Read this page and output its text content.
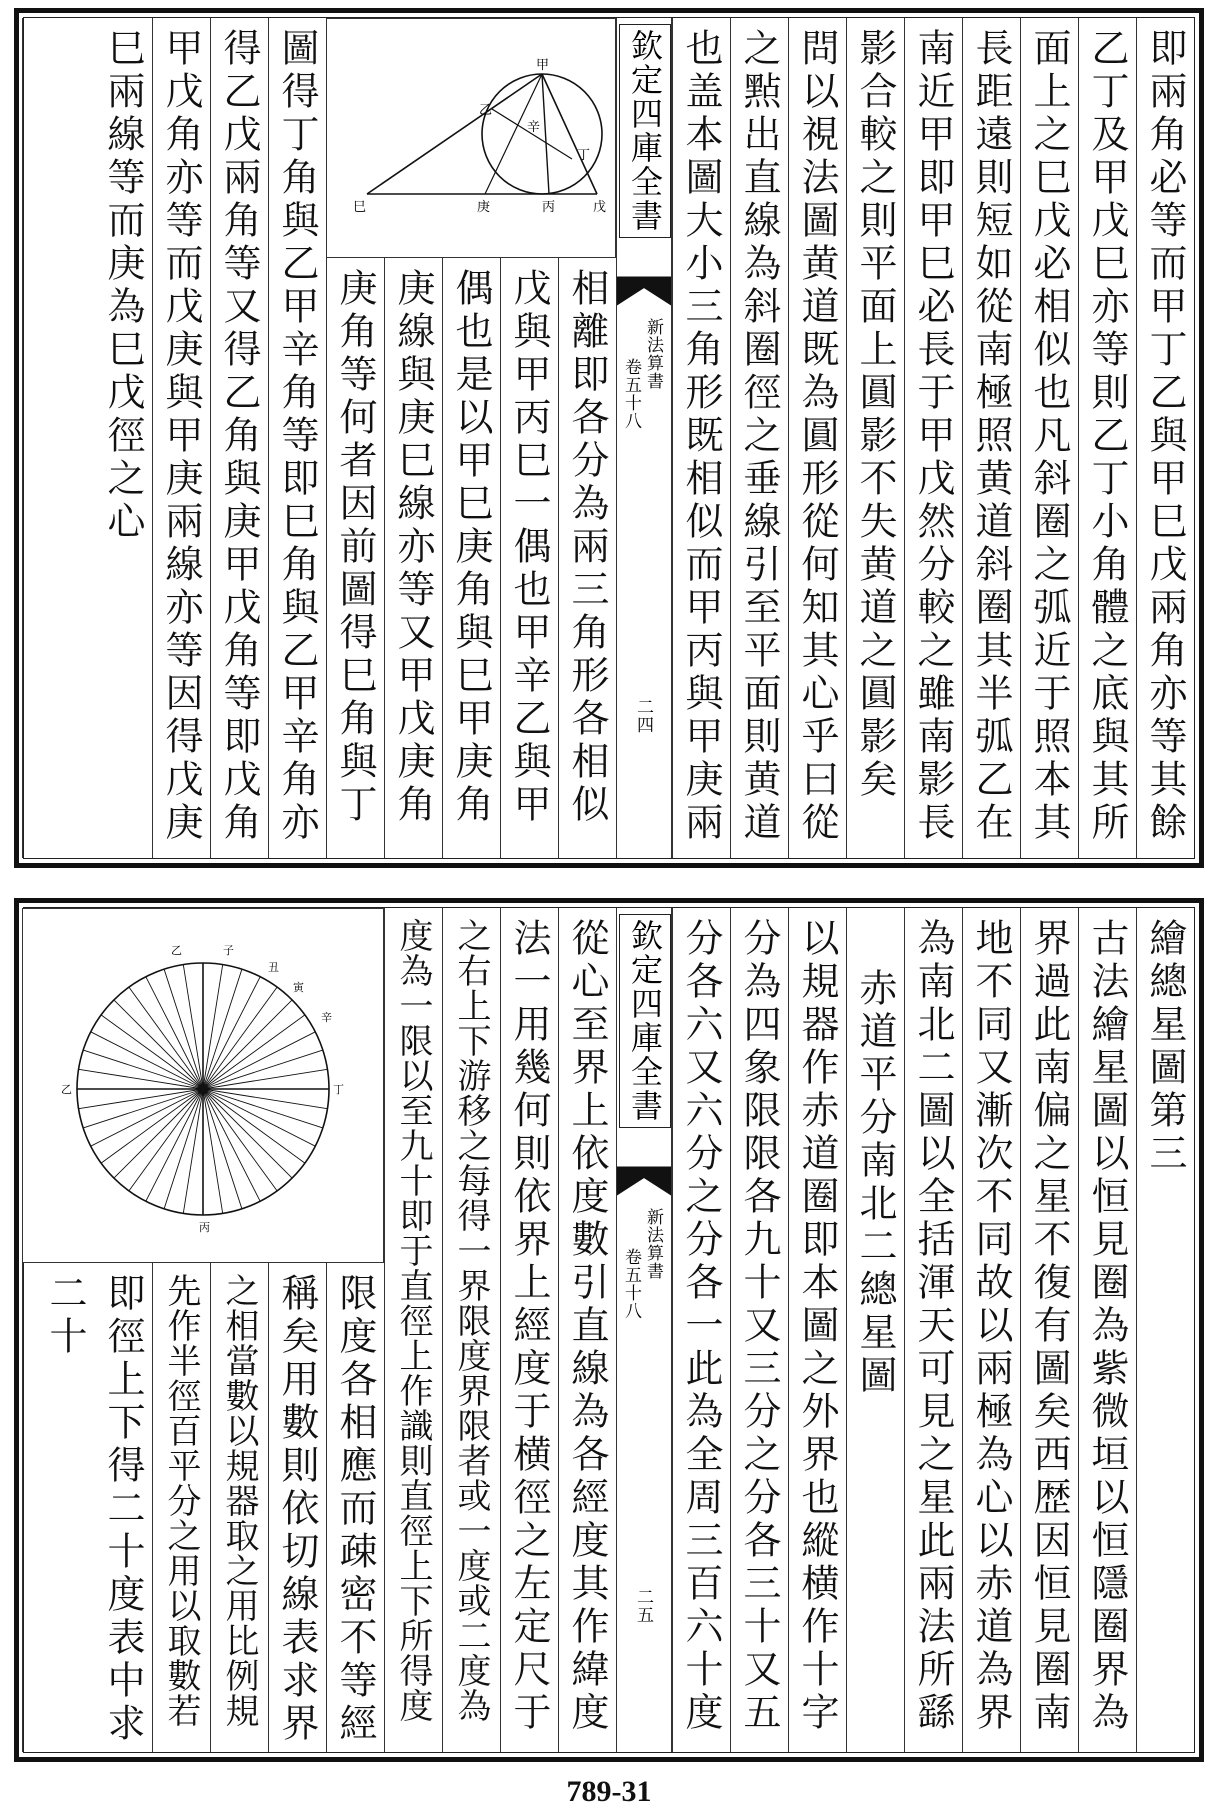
即兩角必等而甲丁乙與甲巳戊兩角亦等其餘
乙丁及甲戊巳亦等則乙丁小角體之底與其所
面上之巳戊必相似也凡斜圈之弧近于照本其
長距遠則短如從南極照黄道斜圈其半弧乙在
南近甲即甲巳必長于甲戊然分較之雖南影長
影合較之則平面上圓影不失黄道之圓影矣
問以視法圖黄道既為圓形從何知其心乎曰從
之㸃出直線為斜圈徑之垂線引至平面則黄道
也盖本圖大小三角形既相似而甲丙與甲庚兩
欽定四庫全書
新法算書
卷五十八
二四
相離即各分為兩三角形各相似
戊與甲丙巳一偶也甲辛乙與甲
偶也是以甲巳庚角與巳甲庚角
庚線與庚巳線亦等又甲戊庚角
庚角等何者因前圖得巳角與丁
甲
乙
辛
丁
巳	庚	丙	戊
圖得丁角與乙甲辛角等即巳角與乙甲辛角亦
得乙戊兩角等又得乙角與庚甲戊角等即戊角
甲戊角亦等而戊庚與甲庚兩線亦等因得戊庚
巳兩線等而庚為巳戊徑之心
繪總星圖第三
古法繪星圖以恒見圈為紫微垣以恒隱圈界為
界過此南偏之星不復有圖矣西歴因恒見圈南
地不同又漸次不同故以兩極為心以赤道為界
為南北二圖以全括渾天可見之星此兩法所繇
赤道平分南北二總星圖
以規器作赤道圈即本圖之外界也縱横作十字
分為四象限限各九十又三分之分各三十又五
分各六又六分之分各一此為全周三百六十度
欽定四庫全書
新法算書
卷五十八
二五
從心至界上依度數引直線為各經度其作緯度
法一用幾何則依界上經度于横徑之左定尺于
之右上下游移之每得一界限度界限者或一度或二度為
度為一限以至九十即于直徑上作識則直徑上下所得度
乙	子
丑
寅
辛
丁
乙
丙
限度各相應而疎密不等經
稱矣用數則依切線表求界
之相當數以規器取之用比例規
先作半徑百平分之用以取數若
即徑上下得二十度表中求二十
789-31
